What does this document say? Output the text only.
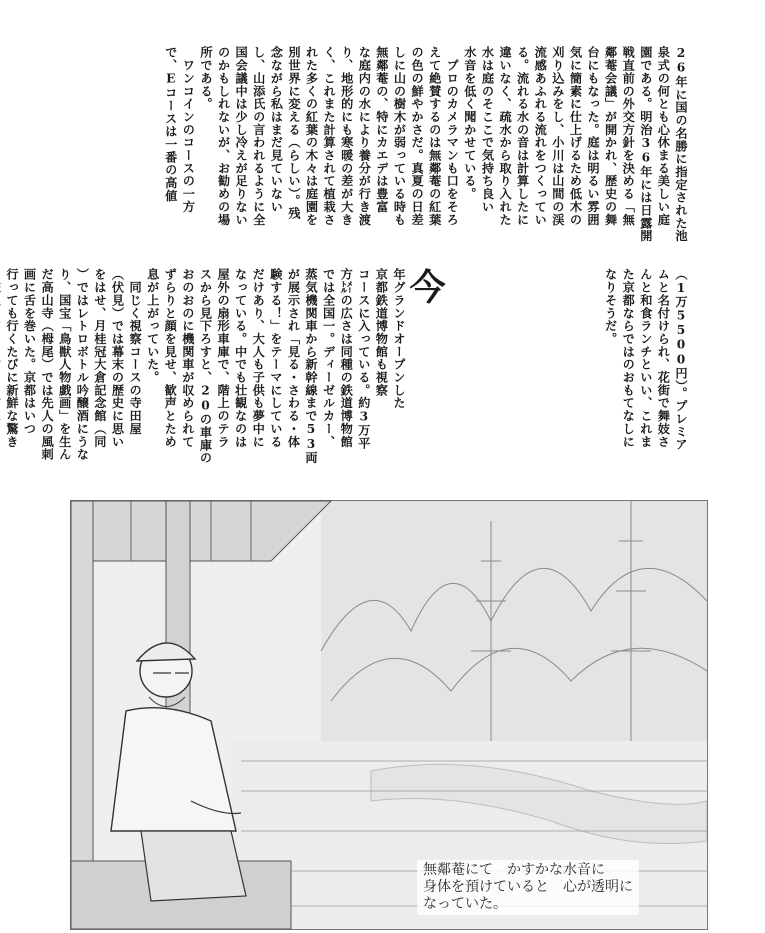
26年に国の名勝に指定された池
泉式の何とも心休まる美しい庭
園である。明治36年には日露開
戦直前の外交方針を決める「無
鄰菴会議」が開かれ、歴史の舞
台にもなった。庭は明るい雰囲
気に簡素に仕上げるため低木の
刈り込みをし、小川は山間の渓
流感あふれる流れをつくってい
る。流れる水の音は計算したに
違いなく、疏水から取り入れた
水は庭のそここで気持ち良い
水音を低く聞かせている。
　プロのカメラマンも口をそろ
えて絶賛するのは無鄰菴の紅葉
の色の鮮やかさだ。真夏の日差
しに山の樹木が弱っている時も
無鄰菴の、特にカエデは豊富
な庭内の水により養分が行き渡
り、地形的にも寒暖の差が大き
く、これまた計算されて植栽さ
れた多くの紅葉の木々は庭園を
別世界に変える（らしい）。残
念ながら私はまだ見ていない
し、山添氏の言われるように全
国会議中は少し冷えが足りない
のかもしれないが、お勧めの場
所である。
　ワンコインのコースの一方
で、Eコースは一番の高値
（1万5500円）。プレミア
ムと名付けられ、花街で舞妓さ
んと和食ランチといい、これま
た京都ならではのおもてなしに
なりそうだ。
今
年グランドオープンした
京都鉄道博物館も視察
コースに入っている。約3万平
方㍍の広さは同種の鉄道博物館
では全国一。ディーゼルカー、
蒸気機関車から新幹線まで53両
が展示され「見る・さわる・体
験する！」をテーマにしている
だけあり、大人も子供も夢中に
なっている。中でも壮観なのは
屋外の扇形車庫で、階上のテラ
スから見下ろすと、20の車庫の
おのおのに機関車が収められて
ずらりと顔を見せ、歓声とため
息が上がっていた。
　同じく視察コースの寺田屋
（伏見）では幕末の歴史に思い
をはせ、月桂冠大倉記念館（同
）ではレトロボトル吟醸酒にうな
り、国宝「鳥獣人物戯画」を生ん
だ高山寺（栂尾）では先人の風刺
画に舌を巻いた。京都はいつ
行っても行くたびに新鮮な驚き
無鄰菴にて　かすかな水音に
身体を預けていると　心が透明に
なっていた。
